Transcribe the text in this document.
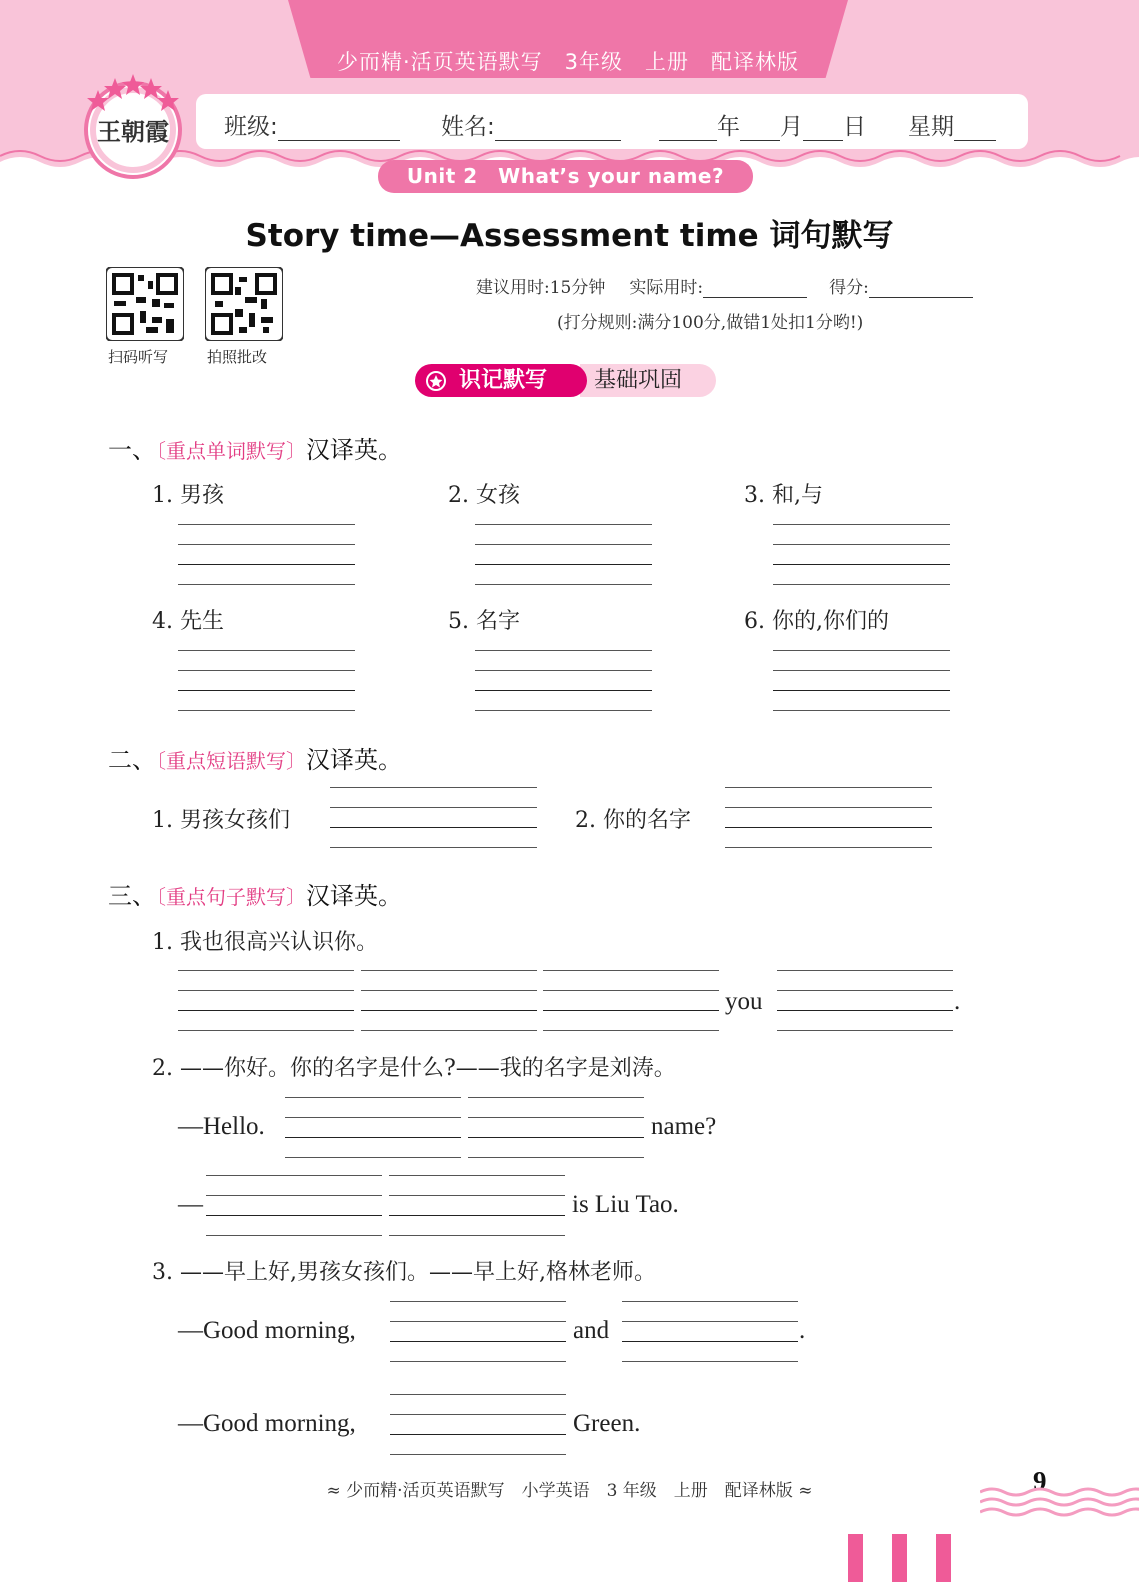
少而精·活页英语默写　3年级　上册　配译林版
班级:	姓名:	年 月 日 星期
王朝霞
Unit 2　What’s your name?
Story time—Assessment time 词句默写
扫码听写	拍照批改
建议用时:15分钟 实际用时:	得分:
(打分规则:满分100分,做错1处扣1分哟!)
基础巩固
识记默写
一、〔重点单词默写〕汉译英。
1. 男孩	2. 女孩	3. 和,与
4. 先生	5. 名字	6. 你的,你们的
二、〔重点短语默写〕汉译英。
1. 男孩女孩们	2. 你的名字
三、〔重点句子默写〕汉译英。
1. 我也很高兴认识你。
you	.
2. ——你好。你的名字是什么?——我的名字是刘涛。
—Hello.	name?
—	is Liu Tao.
3. ——早上好,男孩女孩们。——早上好,格林老师。
—Good morning,	and	.
—Good morning,	Green.
≈ 少而精·活页英语默写　小学英语　3 年级　上册　配译林版 ≈	9
